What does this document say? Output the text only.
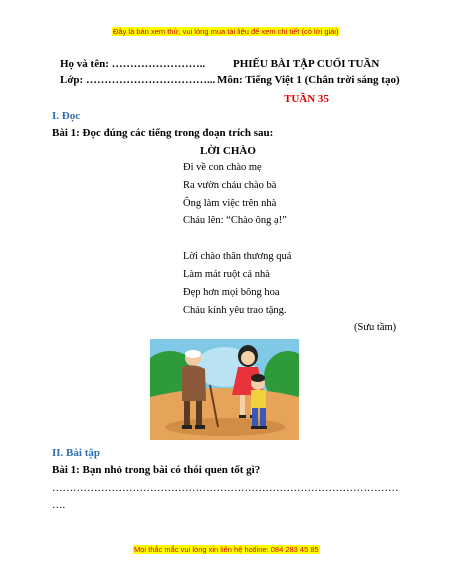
Đây là bản xem thử, vui lòng mua tài liệu để xem chi tiết (có lời giải)
Họ và tên: ……………………..	PHIẾU BÀI TẬP CUỐI TUẦN
Lớp: ……………………………... Môn: Tiếng Việt 1 (Chân trời sáng tạo)
TUẦN 35
I. Đọc
Bài 1: Đọc đúng các tiếng trong đoạn trích sau:
LỜI CHÀO
Đi về con chào mẹ
Ra vườn cháu chào bà
Ông làm việc trên nhà
Cháu lên: “Chào ông ạ!”
Lời chào thân thương quá
Làm mát ruột cả nhà
Đẹp hơn mọi bông hoa
Cháu kính yêu trao tặng.
(Sưu tầm)
II. Bài tập
Bài 1: Bạn nhỏ trong bài có thói quen tốt gì?
………………………………………………………………………………………
….
Mọi thắc mắc vui lòng xin liên hệ hotline: 084 283 45 85
